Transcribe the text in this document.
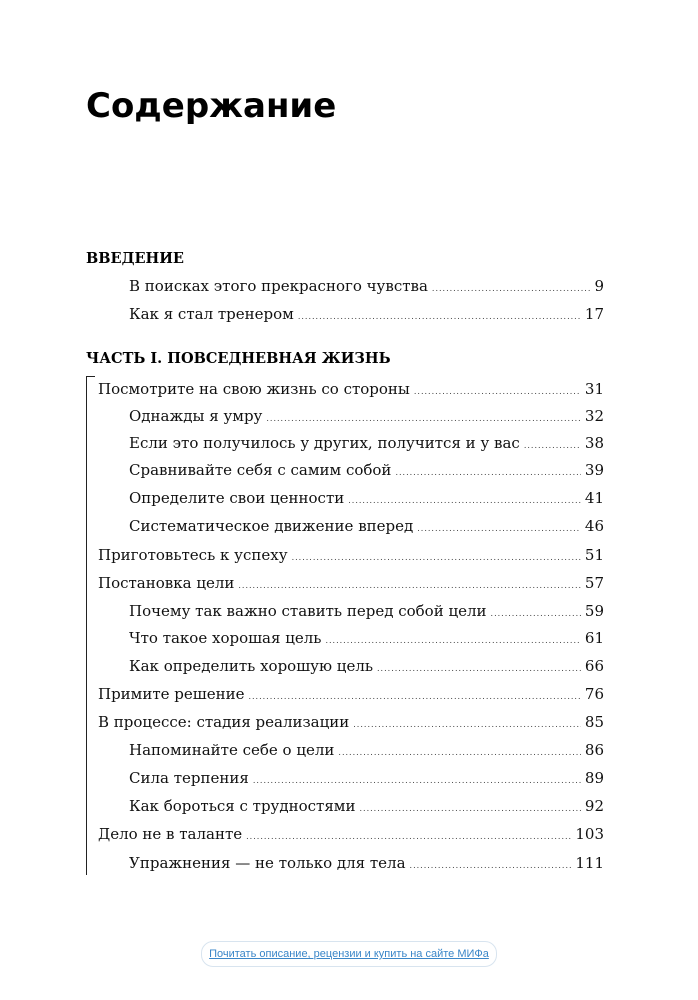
Содержание
ВВЕДЕНИЕ
В поисках этого прекрасного чувства .....	9
Как я стал тренером .....	17
ЧАСТЬ I. ПОВСЕДНЕВНАЯ ЖИЗНЬ
Посмотрите на свою жизнь со стороны .....	31
Однажды я умру .....	32
Если это получилось у других, получится и у вас .....	38
Сравнивайте себя с самим собой .....	39
Определите свои ценности .....	41
Систематическое движение вперед .....	46
Приготовьтесь к успеху .....	51
Постановка цели .....	57
Почему так важно ставить перед собой цели .....	59
Что такое хорошая цель .....	61
Как определить хорошую цель .....	66
Примите решение .....	76
В процессе: стадия реализации .....	85
Напоминайте себе о цели .....	86
Сила терпения .....	89
Как бороться с трудностями .....	92
Дело не в таланте .....	103
Упражнения — не только для тела .....	111
Почитать описание, рецензии и купить на сайте МИФа
